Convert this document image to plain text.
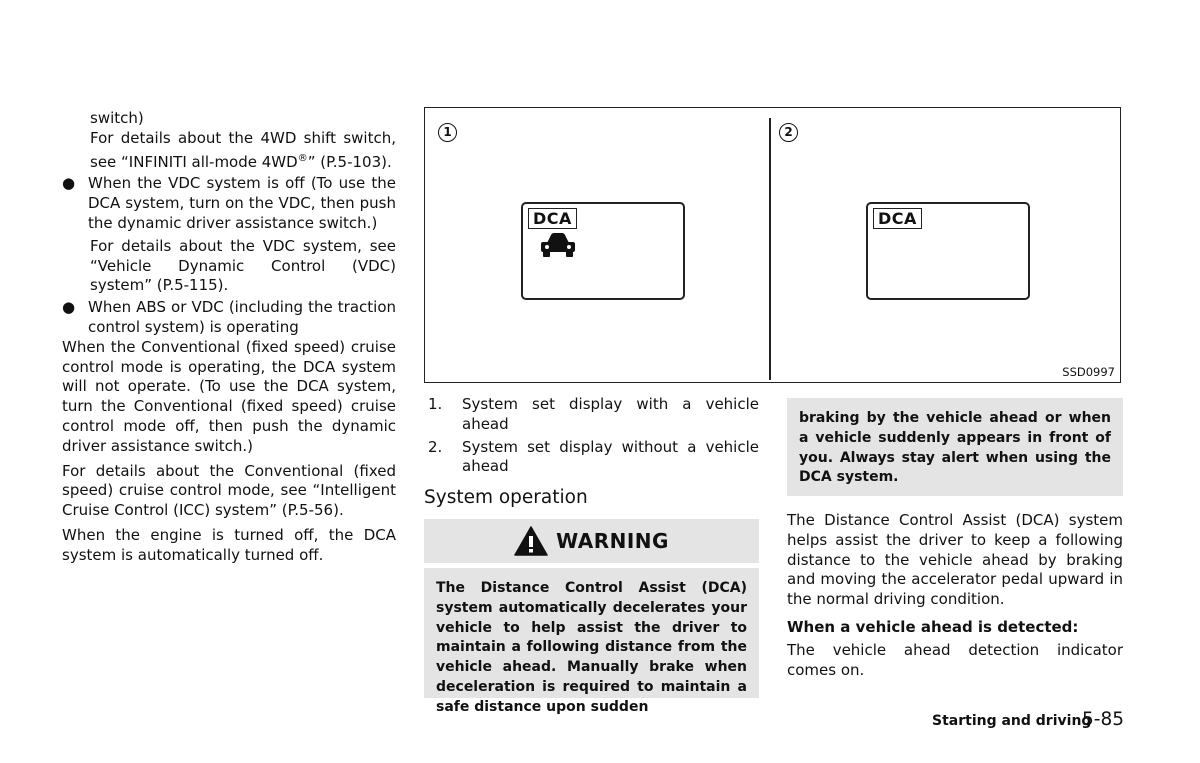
switch)

For details about the 4WD shift switch, see “INFINITI all-mode 4WD®” (P.5-103).

● When the VDC system is off (To use the DCA system, turn on the VDC, then push the dynamic driver assistance switch.)

For details about the VDC system, see “Vehicle Dynamic Control (VDC) system” (P.5-115).

● When ABS or VDC (including the traction control system) is operating

When the Conventional (fixed speed) cruise control mode is operating, the DCA system will not operate. (To use the DCA system, turn the Conventional (fixed speed) cruise control mode off, then push the dynamic driver assistance switch.)

For details about the Conventional (fixed speed) cruise control mode, see “Intelligent Cruise Control (ICC) system” (P.5-56).

When the engine is turned off, the DCA system is automatically turned off.

1
DCA
2
DCA
SSD0997
1. System set display with a vehicle ahead

2. System set display without a vehicle ahead

System operation

WARNING
The Distance Control Assist (DCA) system automatically decelerates your vehicle to help assist the driver to maintain a following distance from the vehicle ahead. Manually brake when deceleration is required to maintain a safe distance upon sudden
braking by the vehicle ahead or when a vehicle suddenly appears in front of you. Always stay alert when using the DCA system.

The Distance Control Assist (DCA) system helps assist the driver to keep a following distance to the vehicle ahead by braking and moving the accelerator pedal upward in the normal driving condition.

When a vehicle ahead is detected:

The vehicle ahead detection indicator comes on.

Starting and driving
5-85
